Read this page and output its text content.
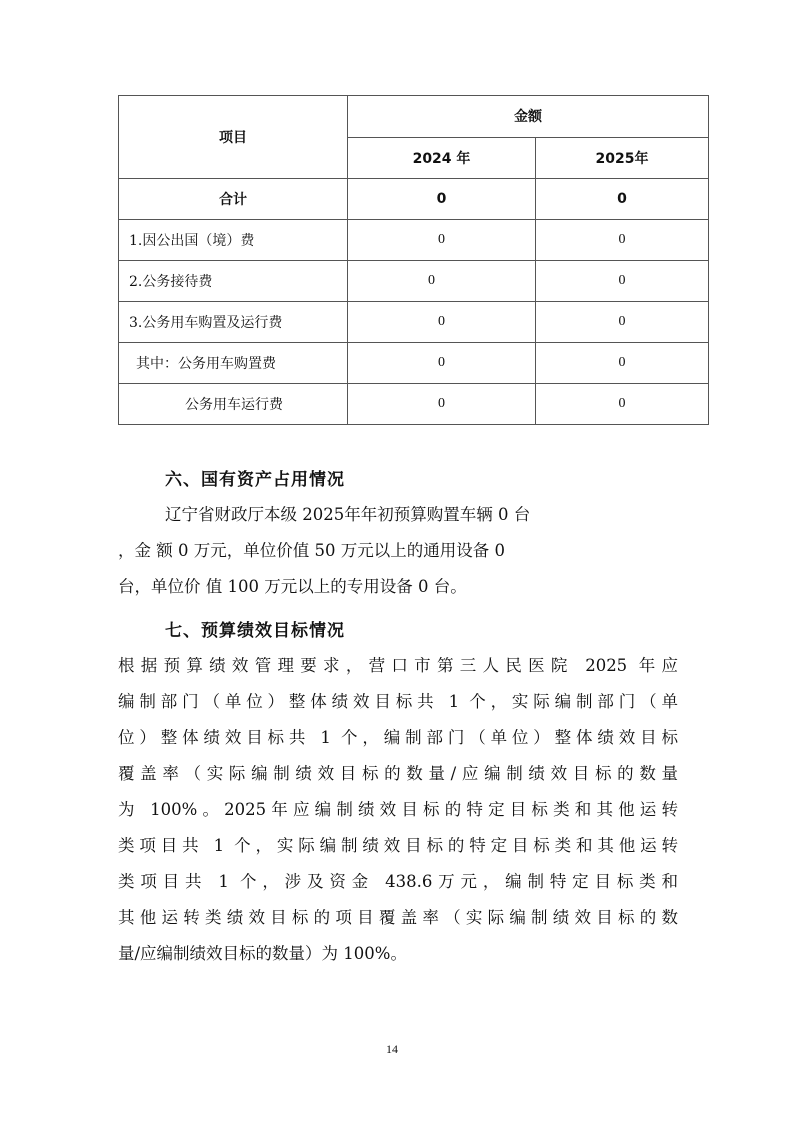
项目	金额	
	2024 年	2025年
合计	0	0
1.因公出国（境）费	0	0
2.公务接待费	0	0
3.公务用车购置及运行费	0	0
其中：公务用车购置费	0	0
公务用车运行费	0	0
六、国有资产占用情况
辽宁省财政厅本级 2025年年初预算购置车辆 0 台
，金 额 0 万元，单位价值 50 万元以上的通用设备 0
台，单位价 值 100 万元以上的专用设备 0 台。
七、预算绩效目标情况
根据预算绩效管理要求，营口市第三人民医院 2025 年应
编制部门（单位）整体绩效目标共 1 个，实际编制部门（单
位）整体绩效目标共 1 个，编制部门（单位）整体绩效目标
覆盖率（实际编制绩效目标的数量/应编制绩效目标的数量
为 100%。2025年应编制绩效目标的特定目标类和其他运转
类项目共 1 个，实际编制绩效目标的特定目标类和其他运转
类项目共 1 个，涉及资金 438.6万元，编制特定目标类和
其他运转类绩效目标的项目覆盖率（实际编制绩效目标的数
量/应编制绩效目标的数量）为 100%。
14
